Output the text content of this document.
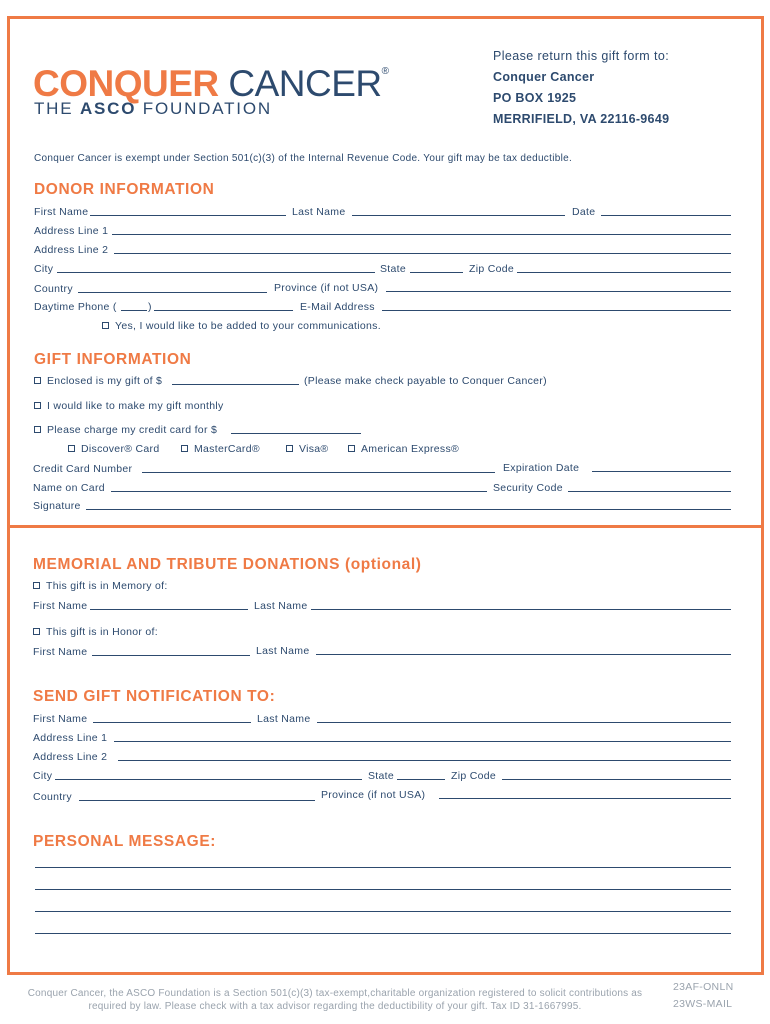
CONQUER CANCER®
THE ASCO FOUNDATION
Please return this gift form to:
Conquer Cancer
PO BOX 1925
MERRIFIELD, VA 22116-9649
Conquer Cancer is exempt under Section 501(c)(3) of the Internal Revenue Code. Your gift may be tax deductible.
DONOR INFORMATION
First Name	Last Name	Date
Address Line 1
Address Line 2
City	State	Zip Code
Country	Province (if not USA)
Daytime Phone (	)	E-Mail Address
Yes, I would like to be added to your communications.
GIFT INFORMATION
Enclosed is my gift of $	(Please make check payable to Conquer Cancer)
I would like to make my gift monthly
Please charge my credit card for $
Discover® Card	MasterCard®	Visa®	American Express®
Credit Card Number	Expiration Date
Name on Card	Security Code
Signature
MEMORIAL AND TRIBUTE DONATIONS (optional)
This gift is in Memory of:
First Name	Last Name
This gift is in Honor of:
First Name	Last Name
SEND GIFT NOTIFICATION TO:
First Name	Last Name
Address Line 1
Address Line 2
City	State	Zip Code
Country	Province (if not USA)
PERSONAL MESSAGE:
Conquer Cancer, the ASCO Foundation is a Section 501(c)(3) tax-exempt,charitable organization registered to solicit contributions as
required by law. Please check with a tax advisor regarding the deductibility of your gift. Tax ID 31-1667995.
23AF-ONLN
23WS-MAIL
